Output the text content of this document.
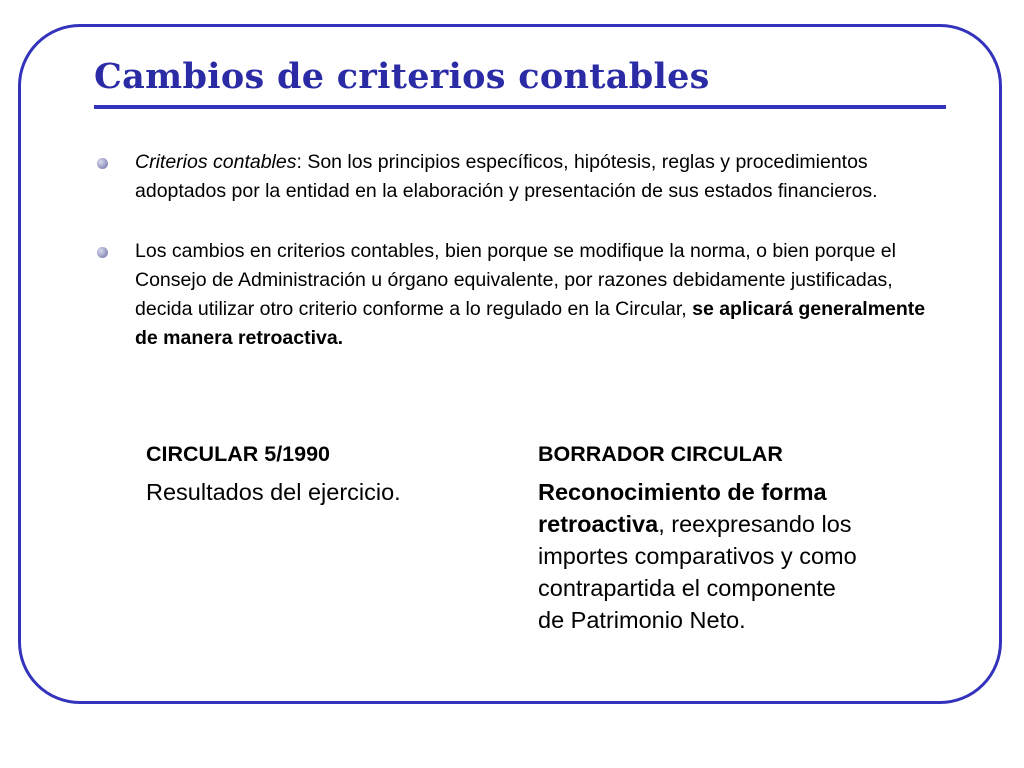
Cambios de criterios contables
Criterios contables: Son los principios específicos, hipótesis, reglas y procedimientos adoptados por la entidad en la elaboración y presentación de sus estados financieros.
Los cambios en criterios contables, bien porque se modifique la norma, o bien porque el Consejo de Administración u órgano equivalente, por razones debidamente justificadas, decida utilizar otro criterio conforme a lo regulado en la Circular, se aplicará generalmente de manera retroactiva.

CIRCULAR 5/1990

Resultados del ejercicio.

BORRADOR CIRCULAR

Reconocimiento de forma retroactiva, reexpresando los importes comparativos y como contrapartida el componente de Patrimonio Neto.
